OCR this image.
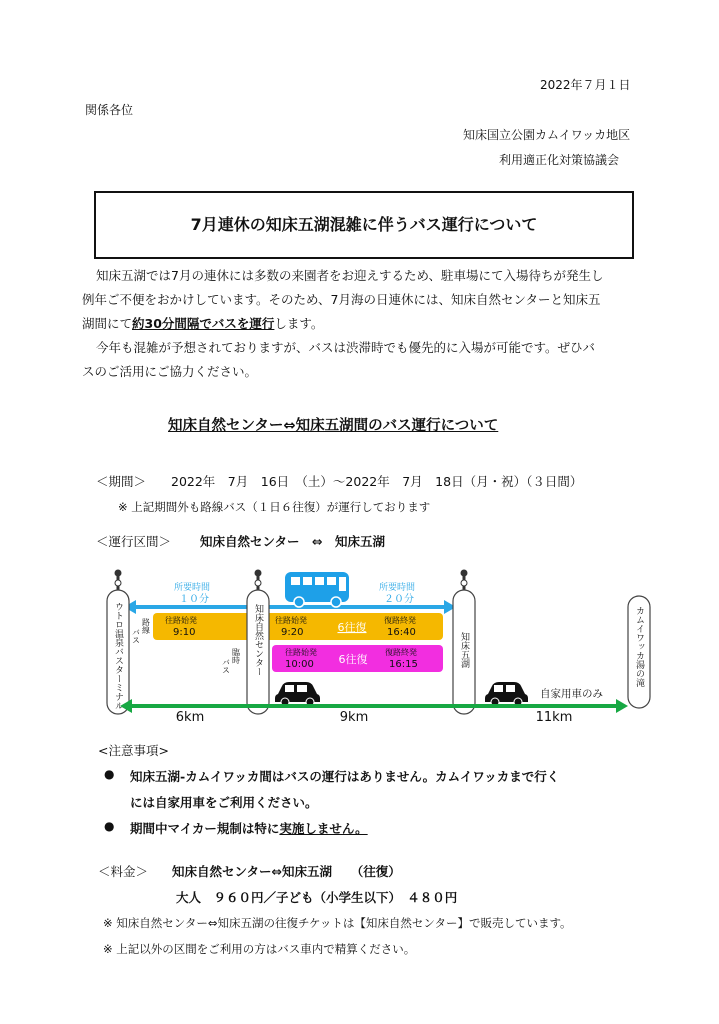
2022年７月１日
関係各位
知床国立公園カムイワッカ地区
利用適正化対策協議会
7月連休の知床五湖混雑に伴うバス運行について
知床五湖では7月の連休には多数の来園者をお迎えするため、駐車場にて入場待ちが発生し
例年ご不便をおかけしています。そのため、7月海の日連休には、知床自然センターと知床五
湖間にて約30分間隔でバスを運行します。
今年も混雑が予想されておりますが、バスは渋滞時でも優先的に入場が可能です。ぜひバ
スのご活用にご協力ください。
知床自然センター⇔知床五湖間のバス運行について
＜期間＞ 2022年　7月　16日　（土）～2022年　7月　18日（月・祝）（３日間）
※ 上記期間外も路線バス（１日６往復）が運行しております
＜運行区間＞ 知床自然センター　⇔　知床五湖
所要時間
１０分
所要時間
２０分
往路始発
9:10
往路始発
9:20	6往復
復路終発
16:40
往路始発
10:00 6往復
復路終発
16:15
ウトロ温泉バスターミナル	知床自然センター	知床五湖	カムイワッカ湯の滝
路線
バス
臨時
バス
自家用車のみ
6km	9km	11km
<注意事項>
● 知床五湖-カムイワッカ間はバスの運行はありません。カムイワッカまで行く
には自家用車をご利用ください。
● 期間中マイカー規制は特に実施しません。
＜料金＞ 知床自然センター⇔知床五湖　　（往復）
大人　９６０円／子ども（小学生以下）　４８０円
※ 知床自然センター⇔知床五湖の往復チケットは【知床自然センター】で販売しています。
※ 上記以外の区間をご利用の方はバス車内で精算ください。
